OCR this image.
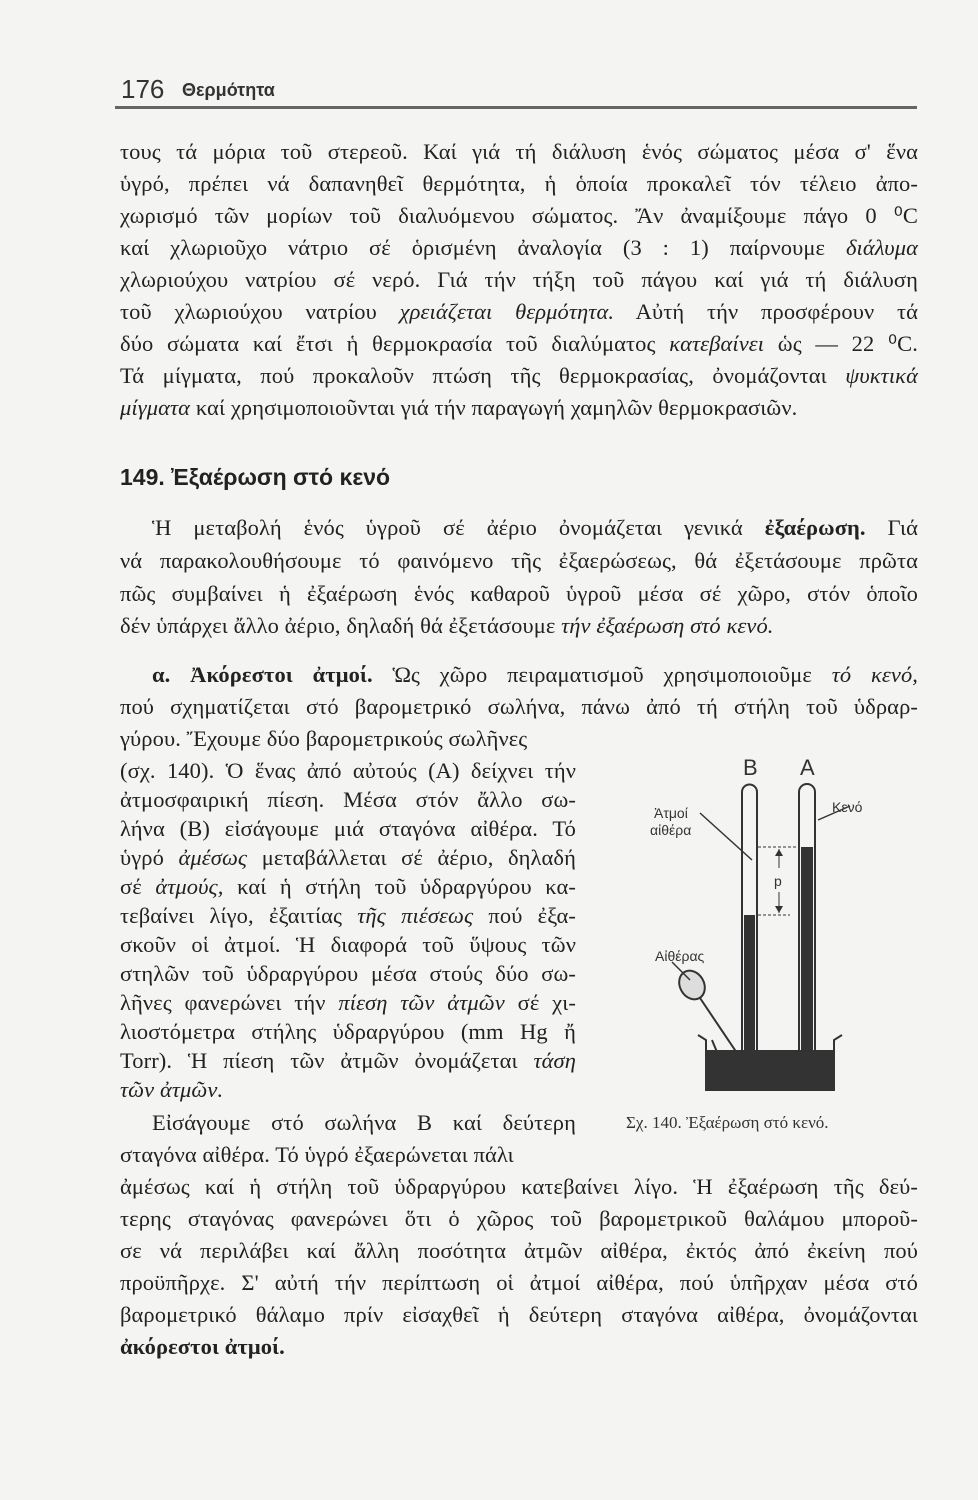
176 Θερμότητα
149. Ἐξαέρωση στό κενό
τους τά μόρια τοῦ στερεοῦ. Καί γιά τή διάλυση ἑνός σώματος μέσα σ' ἕνα
ὑγρό, πρέπει νά δαπανηθεῖ θερμότητα, ἡ ὁποία προκαλεῖ τόν τέλειο ἀπο-
χωρισμό τῶν μορίων τοῦ διαλυόμενου σώματος. Ἄν ἀναμίξουμε πάγο 0 ⁰C
καί χλωριοῦχο νάτριο σέ ὁρισμένη ἀναλογία (3 : 1) παίρνουμε διάλυμα
χλωριούχου νατρίου σέ νερό. Γιά τήν τήξη τοῦ πάγου καί γιά τή διάλυση
τοῦ χλωριούχου νατρίου χρειάζεται θερμότητα. Αὐτή τήν προσφέρουν τά
δύο σώματα καί ἔτσι ἡ θερμοκρασία τοῦ διαλύματος κατεβαίνει ὡς — 22 ⁰C.
Τά μίγματα, πού προκαλοῦν πτώση τῆς θερμοκρασίας, ὀνομάζονται ψυκτικά
μίγματα καί χρησιμοποιοῦνται γιά τήν παραγωγή χαμηλῶν θερμοκρασιῶν.
Ἡ μεταβολή ἑνός ὑγροῦ σέ ἀέριο ὀνομάζεται γενικά ἐξαέρωση. Γιά
νά παρακολουθήσουμε τό φαινόμενο τῆς ἐξαερώσεως, θά ἐξετάσουμε πρῶτα
πῶς συμβαίνει ἡ ἐξαέρωση ἑνός καθαροῦ ὑγροῦ μέσα σέ χῶρο, στόν ὁποῖο
δέν ὑπάρχει ἄλλο ἀέριο, δηλαδή θά ἐξετάσουμε τήν ἐξαέρωση στό κενό.
α. Ἀκόρεστοι ἀτμοί. Ὡς χῶρο πειραματισμοῦ χρησιμοποιοῦμε τό κενό,
πού σχηματίζεται στό βαρομετρικό σωλήνα, πάνω ἀπό τή στήλη τοῦ ὑδραρ-
γύρου. Ἔχουμε δύο βαρομετρικούς σωλῆνες
(σχ. 140). Ὁ ἕνας ἀπό αὐτούς (Α) δείχνει τήν
ἀτμοσφαιρική πίεση. Μέσα στόν ἄλλο σω-
λήνα (Β) εἰσάγουμε μιά σταγόνα αἰθέρα. Τό
ὑγρό ἀμέσως μεταβάλλεται σέ ἀέριο, δηλαδή
σέ ἀτμούς, καί ἡ στήλη τοῦ ὑδραργύρου κα-
τεβαίνει λίγο, ἐξαιτίας τῆς πιέσεως πού ἐξα-
σκοῦν οἱ ἀτμοί. Ἡ διαφορά τοῦ ὕψους τῶν
στηλῶν τοῦ ὑδραργύρου μέσα στούς δύο σω-
λῆνες φανερώνει τήν πίεση τῶν ἀτμῶν σέ χι-
λιοστόμετρα στήλης ὑδραργύρου (mm Hg ἤ
Torr). Ἡ πίεση τῶν ἀτμῶν ὀνομάζεται τάση
τῶν ἀτμῶν.
Εἰσάγουμε στό σωλήνα Β καί δεύτερη
σταγόνα αἰθέρα. Τό ὑγρό ἐξαερώνεται πάλι
ἀμέσως καί ἡ στήλη τοῦ ὑδραργύρου κατεβαίνει λίγο. Ἡ ἐξαέρωση τῆς δεύ-
τερης σταγόνας φανερώνει ὅτι ὁ χῶρος τοῦ βαρομετρικοῦ θαλάμου μποροῦ-
σε νά περιλάβει καί ἄλλη ποσότητα ἀτμῶν αἰθέρα, ἐκτός ἀπό ἐκείνη πού
προϋπῆρχε. Σ' αὐτή τήν περίπτωση οἱ ἀτμοί αἰθέρα, πού ὑπῆρχαν μέσα στό
βαρομετρικό θάλαμο πρίν εἰσαχθεῖ ἡ δεύτερη σταγόνα αἰθέρα, ὀνομάζονται
ἀκόρεστοι ἀτμοί.
Β Α
Ἀτμοί
αἰθέρα
Κενό
p
Αἰθέρας
Σχ. 140. Ἐξαέρωση στό κενό.
